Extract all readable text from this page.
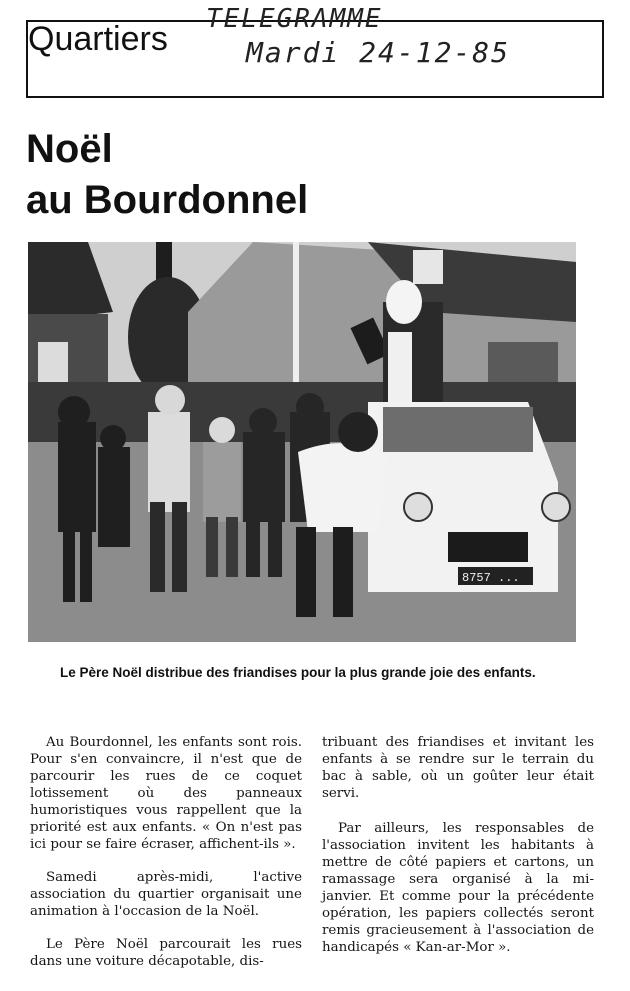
Quartiers
TELEGRAMME
Mardi 24-12-85
Noël
au Bourdonnel
8757 ...

Le Père Noël distribue des friandises pour la plus grande joie des enfants.

Au Bourdonnel, les enfants sont rois. Pour s'en convaincre, il n'est que de parcourir les rues de ce coquet lotissement où des panneaux humoristiques vous rappellent que la priorité est aux enfants. « On n'est pas ici pour se faire écraser, affichent-ils ».

Samedi après-midi, l'active association du quartier organisait une animation à l'occasion de la Noël.

Le Père Noël parcourait les rues dans une voiture décapotable, dis-

tribuant des friandises et invitant les enfants à se rendre sur le terrain du bac à sable, où un goûter leur était servi.

Par ailleurs, les responsables de l'association invitent les habitants à mettre de côté papiers et cartons, un ramassage sera organisé à la mi-janvier. Et comme pour la précédente opération, les papiers collectés seront remis gracieusement à l'association de handicapés « Kan-ar-Mor ».
